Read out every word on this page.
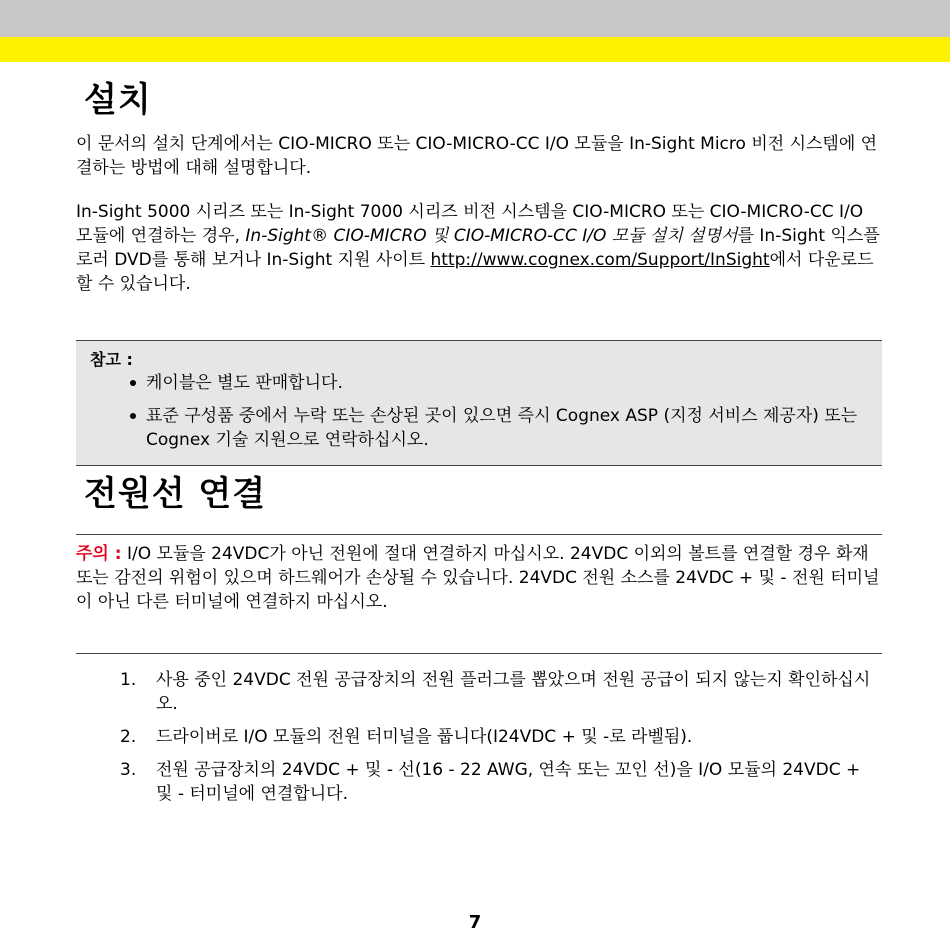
설치

이 문서의 설치 단계에서는 CIO-MICRO 또는 CIO-MICRO-CC I/O 모듈을 In-Sight Micro 비전 시스템에 연결하는 방법에 대해 설명합니다.

In-Sight 5000 시리즈 또는 In-Sight 7000 시리즈 비전 시스템을 CIO-MICRO 또는 CIO-MICRO-CC I/O 모듈에 연결하는 경우, In-Sight® CIO-MICRO 및 CIO-MICRO-CC I/O 모듈 설치 설명서를 In-Sight 익스플로러 DVD를 통해 보거나 In-Sight 지원 사이트 http://www.cognex.com/Support/InSight에서 다운로드할 수 있습니다.

참고 :
케이블은 별도 판매합니다.
표준 구성품 중에서 누락 또는 손상된 곳이 있으면 즉시 Cognex ASP (지정 서비스 제공자) 또는 Cognex 기술 지원으로 연락하십시오.
전원선 연결

주의 : I/O 모듈을 24VDC가 아닌 전원에 절대 연결하지 마십시오. 24VDC 이외의 볼트를 연결할 경우 화재 또는 감전의 위험이 있으며 하드웨어가 손상될 수 있습니다. 24VDC 전원 소스를 24VDC + 및 - 전원 터미널이 아닌 다른 터미널에 연결하지 마십시오.

1. 사용 중인 24VDC 전원 공급장치의 전원 플러그를 뽑았으며 전원 공급이 되지 않는지 확인하십시오.
2. 드라이버로 I/O 모듈의 전원 터미널을 풉니다(I24VDC + 및 -로 라벨됨).
3. 전원 공급장치의 24VDC + 및 - 선(16 - 22 AWG, 연속 또는 꼬인 선)을 I/O 모듈의 24VDC + 및 - 터미널에 연결합니다.
7
